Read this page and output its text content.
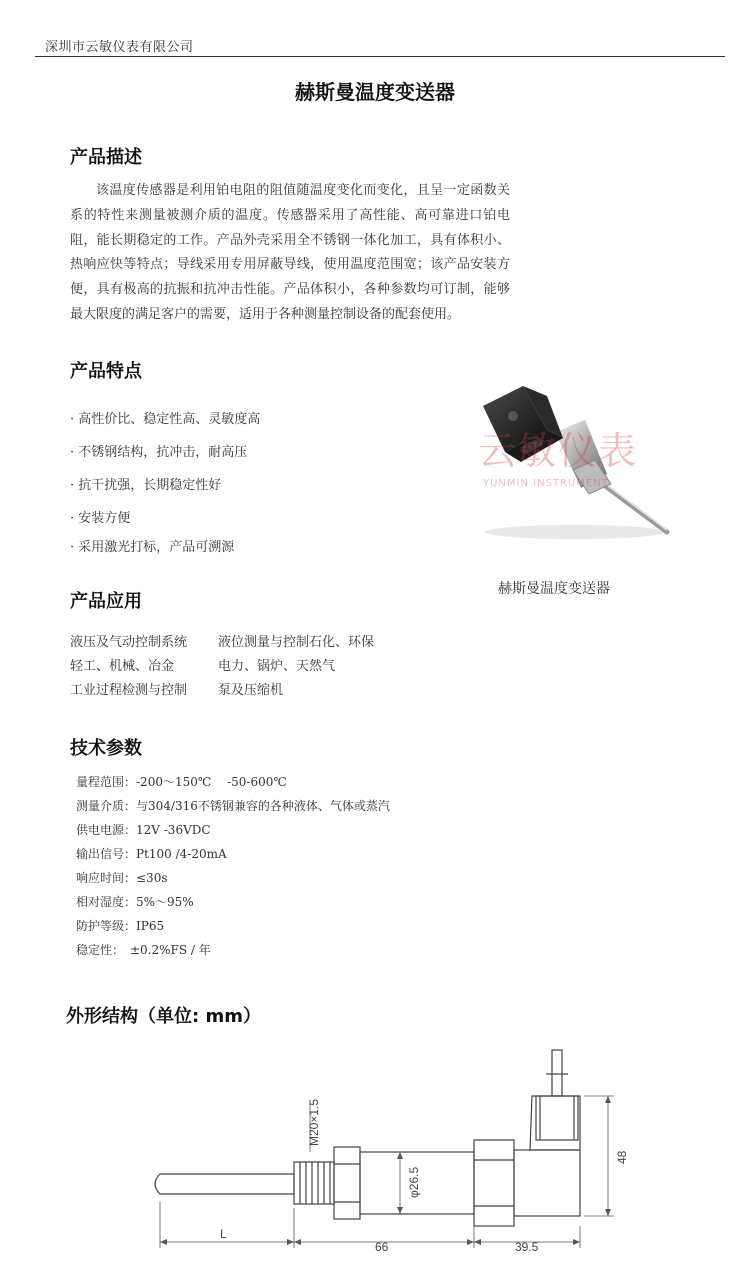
深圳市云敏仪表有限公司
赫斯曼温度变送器
产品描述
该温度传感器是利用铂电阻的阻值随温度变化而变化，且呈一定函数关系的特性来测量被测介质的温度。传感器采用了高性能、高可靠进口铂电阻，能长期稳定的工作。产品外壳采用全不锈钢一体化加工，具有体积小、热响应快等特点；导线采用专用屏蔽导线，使用温度范围宽；该产品安装方便，具有极高的抗振和抗冲击性能。产品体积小，各种参数均可订制，能够最大限度的满足客户的需要，适用于各种测量控制设备的配套使用。
产品特点
· 高性价比、稳定性高、灵敏度高
· 不锈钢结构，抗冲击，耐高压
· 抗干扰强，长期稳定性好
· 安装方便
· 采用激光打标，产品可溯源
云敏仪表
YUNMIN INSTRUMENT
赫斯曼温度变送器
产品应用
液压及气动控制系统
轻工、机械、冶金
工业过程检测与控制
液位测量与控制石化、环保
电力、锅炉、天然气
泵及压缩机
技术参数
量程范围：-200～150℃　 -50-600℃
测量介质：与304/316不锈钢兼容的各种液体、气体或蒸汽
供电电源：12V -36VDC
输出信号：Pt100 /4-20mA
响应时间：≤30s
相对湿度：5%～95%
防护等级：IP65
稳定性：　±0.2%FS / 年
外形结构（单位: mm）
M20×1.5
φ26.5
48
L
66	39.5
